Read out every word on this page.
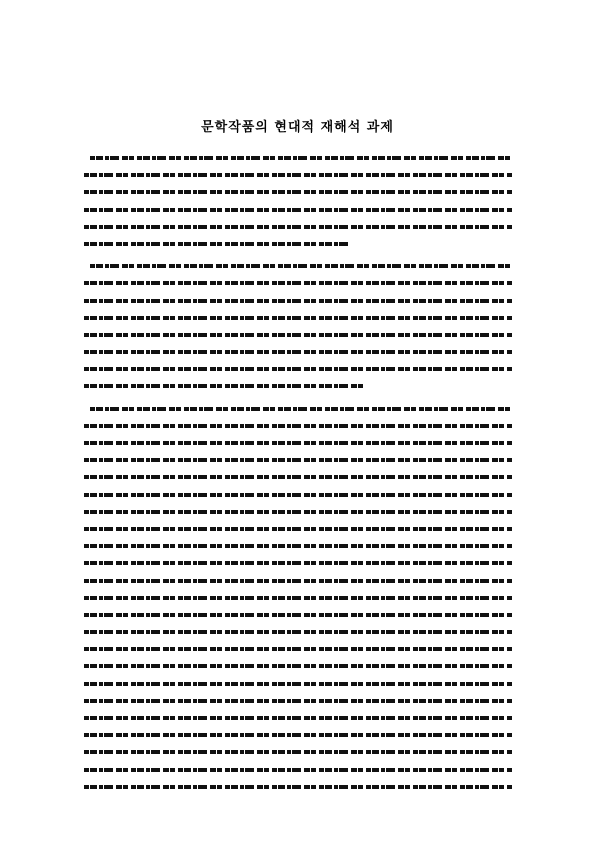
문학작품의 현대적 재해석 과제
